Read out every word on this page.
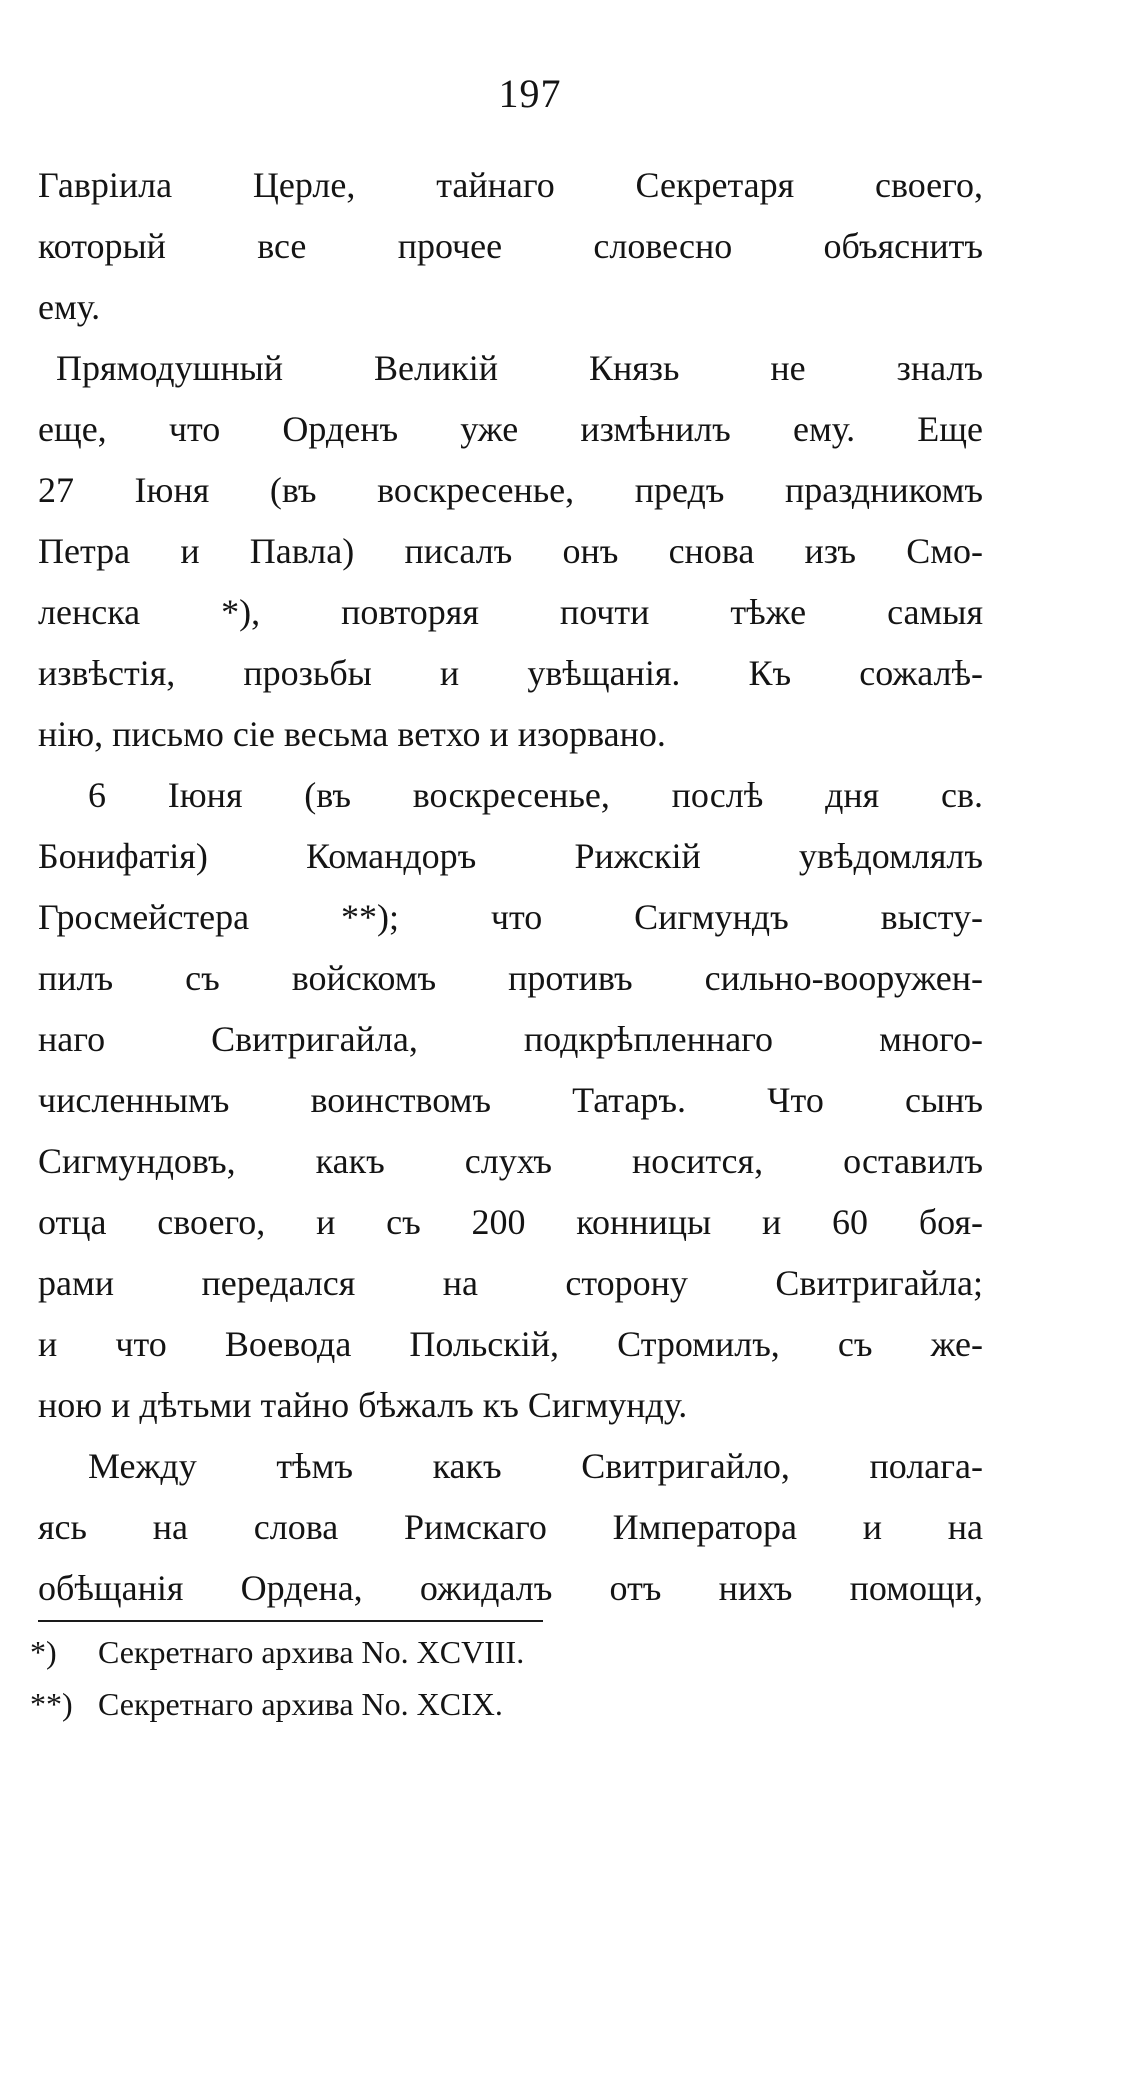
197
Гавріила Церле, тайнаго Секретаря своего,
который все прочее словесно объяснитъ
ему.
Прямодушный Великій Князь не зналъ
еще, что Орденъ уже измѣнилъ ему. Еще
27 Іюня (въ воскресенье, предъ праздникомъ
Петра и Павла) писалъ онъ снова изъ Смо-
ленска *), повторяя почти тѣже самыя
извѣстія, прозьбы и увѣщанія. Къ сожалѣ-
нію, письмо сіе весьма ветхо и изорвано.
6 Іюня (въ воскресенье, послѣ дня св.
Бонифатія) Командоръ Рижскій увѣдомлялъ
Гросмейстера **); что Сигмундъ высту-
пилъ съ войскомъ противъ сильно-вооружен-
наго Свитригайла, подкрѣпленнаго много-
численнымъ воинствомъ Татаръ. Что сынъ
Сигмундовъ, какъ слухъ носится, оставилъ
отца своего, и съ 200 конницы и 60 боя-
рами передался на сторону Свитригайла;
и что Воевода Польскій, Стромилъ, съ же-
ною и дѣтьми тайно бѣжалъ къ Сигмунду.
Между тѣмъ какъ Свитригайло, полага-
ясь на слова Римскаго Императора и на
обѣщанія Ордена, ожидалъ отъ нихъ помощи,
*) Секретнаго архива No. XCVIII.
**) Секретнаго архива No. XCIX.
